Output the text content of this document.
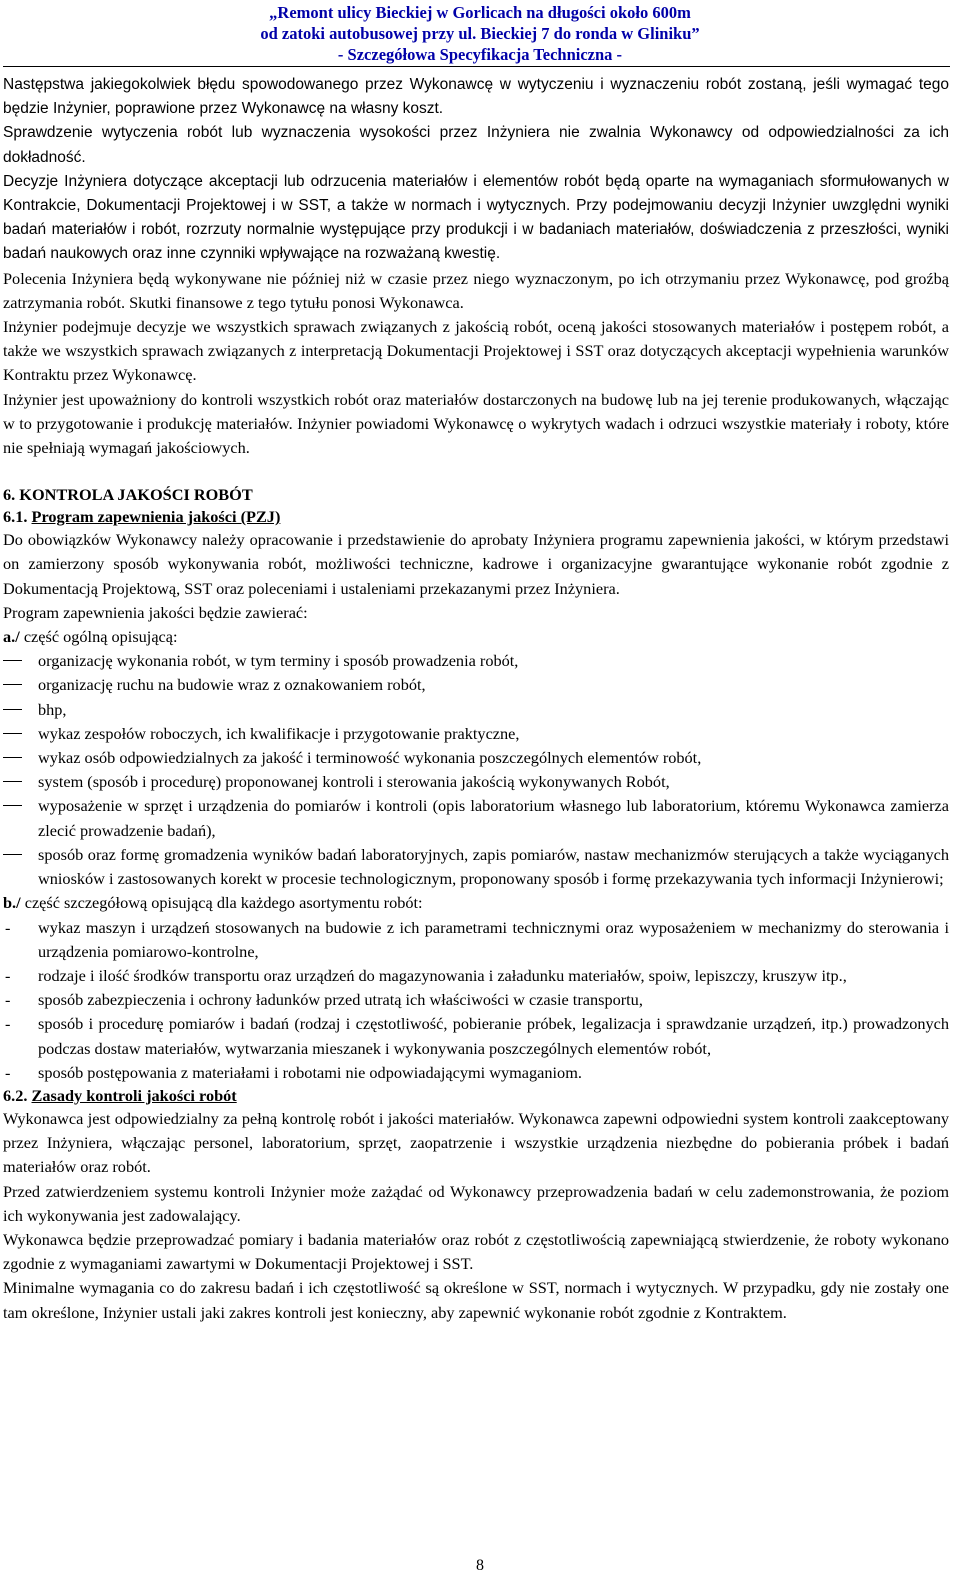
„Remont ulicy Bieckiej w Gorlicach na długości około 600m
od zatoki autobusowej przy ul. Bieckiej 7 do ronda w Gliniku”
- Szczegółowa Specyfikacja Techniczna -

Następstwa jakiegokolwiek błędu spowodowanego przez Wykonawcę w wytyczeniu i wyznaczeniu robót zostaną, jeśli wymagać tego będzie Inżynier, poprawione przez Wykonawcę na własny koszt.

Sprawdzenie wytyczenia robót lub wyznaczenia wysokości przez Inżyniera nie zwalnia Wykonawcy od odpowiedzialności za ich dokładność.

Decyzje Inżyniera dotyczące akceptacji lub odrzucenia materiałów i elementów robót będą oparte na wymaganiach sformułowanych w Kontrakcie, Dokumentacji Projektowej i w SST, a także w normach i wytycznych. Przy podejmowaniu decyzji Inżynier uwzględni wyniki badań materiałów i robót, rozrzuty normalnie występujące przy produkcji i w badaniach materiałów, doświadczenia z przeszłości, wyniki badań naukowych oraz inne czynniki wpływające na rozważaną kwestię.

Polecenia Inżyniera będą wykonywane nie później niż w czasie przez niego wyznaczonym, po ich otrzymaniu przez Wykonawcę, pod groźbą zatrzymania robót. Skutki finansowe z tego tytułu ponosi Wykonawca.

Inżynier podejmuje decyzje we wszystkich sprawach związanych z jakością robót, oceną jakości stosowanych materiałów i postępem robót, a także we wszystkich sprawach związanych z interpretacją Dokumentacji Projektowej i SST oraz dotyczących akceptacji wypełnienia warunków Kontraktu przez Wykonawcę.

Inżynier jest upoważniony do kontroli wszystkich robót oraz materiałów dostarczonych na budowę lub na jej terenie produkowanych, włączając w to przygotowanie i produkcję materiałów. Inżynier powiadomi Wykonawcę o wykrytych wadach i odrzuci wszystkie materiały i roboty, które nie spełniają wymagań jakościowych.

6. KONTROLA JAKOŚCI ROBÓT

6.1. Program zapewnienia jakości (PZJ)

Do obowiązków Wykonawcy należy opracowanie i przedstawienie do aprobaty Inżyniera programu zapewnienia jakości, w którym przedstawi on zamierzony sposób wykonywania robót, możliwości techniczne, kadrowe i organizacyjne gwarantujące wykonanie robót zgodnie z Dokumentacją Projektową, SST oraz poleceniami i ustaleniami przekazanymi przez Inżyniera.

Program zapewnienia jakości będzie zawierać:

a./ część ogólną opisującą:

organizację wykonania robót, w tym terminy i sposób prowadzenia robót,
organizację ruchu na budowie wraz z oznakowaniem robót,
bhp,
wykaz zespołów roboczych, ich kwalifikacje i przygotowanie praktyczne,
wykaz osób odpowiedzialnych za jakość i terminowość wykonania poszczególnych elementów robót,
system (sposób i procedurę) proponowanej kontroli i sterowania jakością wykonywanych Robót,
wyposażenie w sprzęt i urządzenia do pomiarów i kontroli (opis laboratorium własnego lub laboratorium, któremu Wykonawca zamierza zlecić prowadzenie badań),
sposób oraz formę gromadzenia wyników badań laboratoryjnych, zapis pomiarów, nastaw mechanizmów sterujących a także wyciąganych wniosków i zastosowanych korekt w procesie technologicznym, proponowany sposób i formę przekazywania tych informacji Inżynierowi;

b./ część szczegółową opisującą dla każdego asortymentu robót:

- wykaz maszyn i urządzeń stosowanych na budowie z ich parametrami technicznymi oraz wyposażeniem w mechanizmy do sterowania i urządzenia pomiarowo-kontrolne,
- rodzaje i ilość środków transportu oraz urządzeń do magazynowania i załadunku materiałów, spoiw, lepiszczy, kruszyw itp.,
- sposób zabezpieczenia i ochrony ładunków przed utratą ich właściwości w czasie transportu,
- sposób i procedurę pomiarów i badań (rodzaj i częstotliwość, pobieranie próbek, legalizacja i sprawdzanie urządzeń, itp.) prowadzonych podczas dostaw materiałów, wytwarzania mieszanek i wykonywania poszczególnych elementów robót,
- sposób postępowania z materiałami i robotami nie odpowiadającymi wymaganiom.

6.2. Zasady kontroli jakości robót

Wykonawca jest odpowiedzialny za pełną kontrolę robót i jakości materiałów. Wykonawca zapewni odpowiedni system kontroli zaakceptowany przez Inżyniera, włączając personel, laboratorium, sprzęt, zaopatrzenie i wszystkie urządzenia niezbędne do pobierania próbek i badań materiałów oraz robót.

Przed zatwierdzeniem systemu kontroli Inżynier może zażądać od Wykonawcy przeprowadzenia badań w celu zademonstrowania, że poziom ich wykonywania jest zadowalający.

Wykonawca będzie przeprowadzać pomiary i badania materiałów oraz robót z częstotliwością zapewniającą stwierdzenie, że roboty wykonano zgodnie z wymaganiami zawartymi w Dokumentacji Projektowej i SST.

Minimalne wymagania co do zakresu badań i ich częstotliwość są określone w SST, normach i wytycznych. W przypadku, gdy nie zostały one tam określone, Inżynier ustali jaki zakres kontroli jest konieczny, aby zapewnić wykonanie robót zgodnie z Kontraktem.

8
